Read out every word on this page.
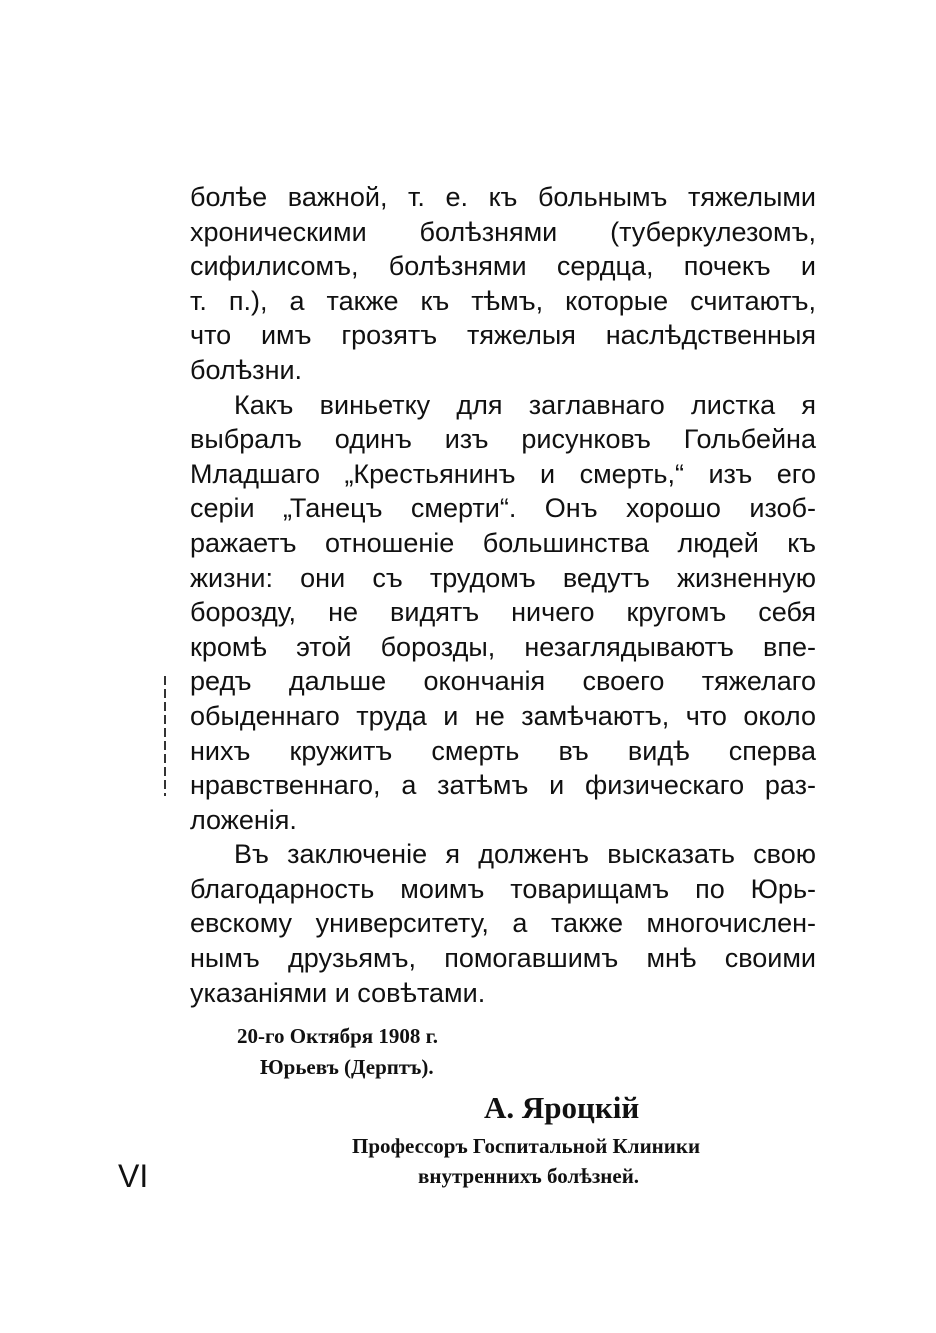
болѣе важной, т. е. къ больнымъ тяжелыми
хроническими болѣзнями (туберкулезомъ,
сифилисомъ, болѣзнями сердца, почекъ и
т. п.), а также къ тѣмъ, которые считаютъ,
что имъ грозятъ тяжелыя наслѣдственныя
болѣзни.
Какъ виньетку для заглавнаго листка я
выбралъ одинъ изъ рисунковъ Гольбейна
Младшаго „Крестьянинъ и смерть,“ изъ его
серіи „Танецъ смерти“. Онъ хорошо изоб-
ражаетъ отношеніе большинства людей къ
жизни: они съ трудомъ ведутъ жизненную
борозду, не видятъ ничего кругомъ себя
кромѣ этой борозды, незаглядываютъ впе-
редъ дальше окончанія своего тяжелаго
обыденнаго труда и не замѣчаютъ, что около
нихъ кружитъ смерть въ видѣ сперва
нравственнаго, а затѣмъ и физическаго раз-
ложенія.
Въ заключеніе я долженъ высказать свою
благодарность моимъ товарищамъ по Юрь-
евскому университету, а также многочислен-
нымъ друзьямъ, помогавшимъ мнѣ своими
указаніями и совѣтами.
20-го Октября 1908 г.
Юрьевъ (Дерптъ).
А. Яроцкій
Профессоръ Госпитальной Клиники
внутреннихъ болѣзней.
VI
